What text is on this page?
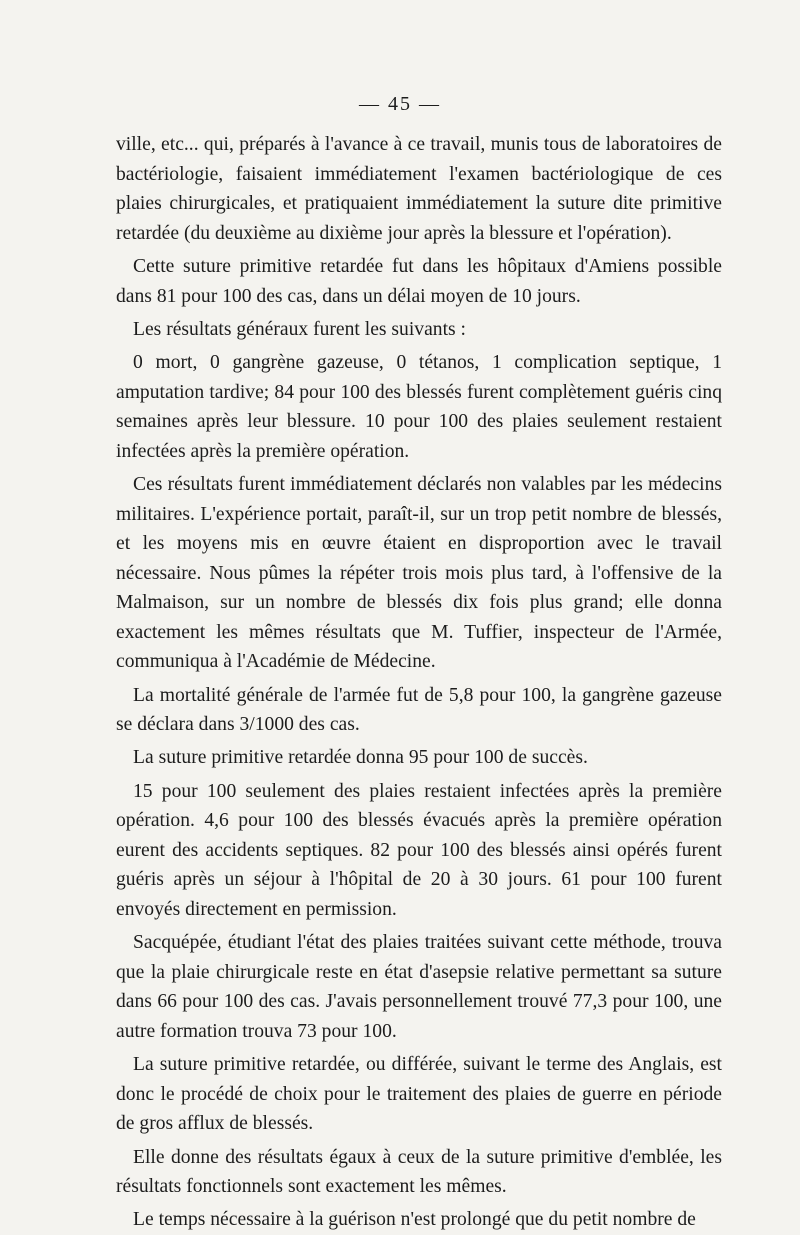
— 45 —

ville, etc... qui, préparés à l'avance à ce travail, munis tous de laboratoires de bactériologie, faisaient immédiatement l'examen bactériologique de ces plaies chirurgicales, et pratiquaient immédiatement la suture dite primitive retardée (du deuxième au dixième jour après la blessure et l'opération).

Cette suture primitive retardée fut dans les hôpitaux d'Amiens possible dans 81 pour 100 des cas, dans un délai moyen de 10 jours.

Les résultats généraux furent les suivants :

0 mort, 0 gangrène gazeuse, 0 tétanos, 1 complication septique, 1 amputation tardive; 84 pour 100 des blessés furent complètement guéris cinq semaines après leur blessure. 10 pour 100 des plaies seulement restaient infectées après la première opération.

Ces résultats furent immédiatement déclarés non valables par les médecins militaires. L'expérience portait, paraît-il, sur un trop petit nombre de blessés, et les moyens mis en œuvre étaient en disproportion avec le travail nécessaire. Nous pûmes la répéter trois mois plus tard, à l'offensive de la Malmaison, sur un nombre de blessés dix fois plus grand; elle donna exactement les mêmes résultats que M. Tuffier, inspecteur de l'Armée, communiqua à l'Académie de Médecine.

La mortalité générale de l'armée fut de 5,8 pour 100, la gangrène gazeuse se déclara dans 3/1000 des cas.

La suture primitive retardée donna 95 pour 100 de succès.

15 pour 100 seulement des plaies restaient infectées après la première opération. 4,6 pour 100 des blessés évacués après la première opération eurent des accidents septiques. 82 pour 100 des blessés ainsi opérés furent guéris après un séjour à l'hôpital de 20 à 30 jours. 61 pour 100 furent envoyés directement en permission.

Sacquépée, étudiant l'état des plaies traitées suivant cette méthode, trouva que la plaie chirurgicale reste en état d'asepsie relative permettant sa suture dans 66 pour 100 des cas. J'avais personnellement trouvé 77,3 pour 100, une autre formation trouva 73 pour 100.

La suture primitive retardée, ou différée, suivant le terme des Anglais, est donc le procédé de choix pour le traitement des plaies de guerre en période de gros afflux de blessés.

Elle donne des résultats égaux à ceux de la suture primitive d'emblée, les résultats fonctionnels sont exactement les mêmes.

Le temps nécessaire à la guérison n'est prolongé que du petit nombre de
